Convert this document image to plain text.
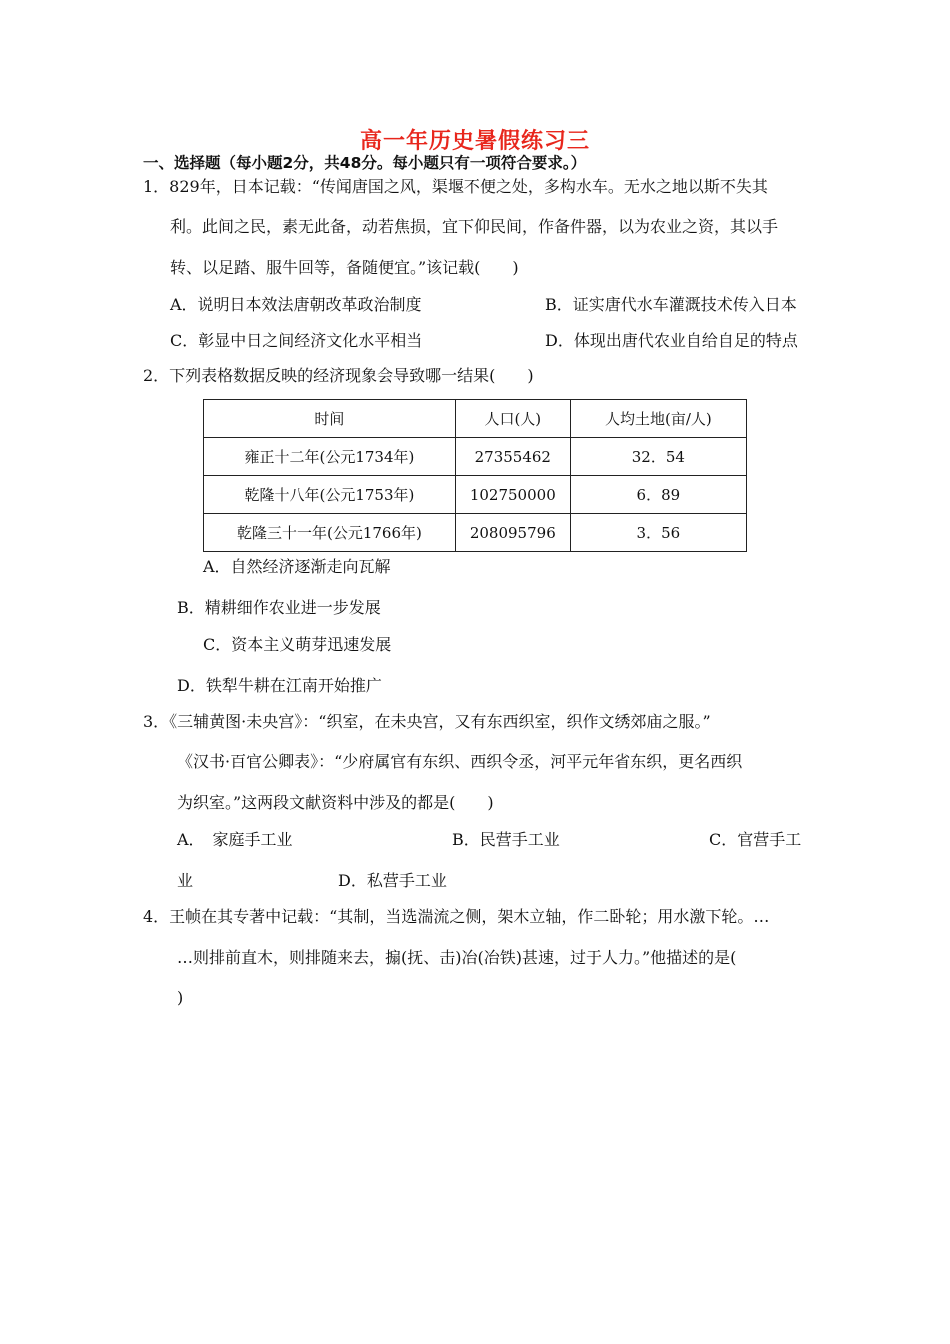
高一年历史暑假练习三
一、选择题（每小题2分，共48分。每小题只有一项符合要求。）
1．829年，日本记载：“传闻唐国之风，渠堰不便之处，多构水车。无水之地以斯不失其
利。此间之民，素无此备，动若焦损，宜下仰民间，作备件器，以为农业之资，其以手
转、以足踏、服牛回等，备随便宜。”该记载(　　)
A．说明日本效法唐朝改革政治制度	B．证实唐代水车灌溉技术传入日本
C．彰显中日之间经济文化水平相当	D．体现出唐代农业自给自足的特点
2．下列表格数据反映的经济现象会导致哪一结果(　　)
时间	人口(人)	人均土地(亩/人)
雍正十二年(公元1734年)	27355462	32．54
乾隆十八年(公元1753年)	102750000	6．89
乾隆三十一年(公元1766年)	208095796	3．56
A．自然经济逐渐走向瓦解
B．精耕细作农业进一步发展
C．资本主义萌芽迅速发展
D．铁犁牛耕在江南开始推广
3．《三辅黄图·未央宫》：“织室，在未央宫，又有东西织室，织作文绣郊庙之服。”
《汉书·百官公卿表》：“少府属官有东织、西织令丞，河平元年省东织，更名西织
为织室。”这两段文献资料中涉及的都是(　　)
A．　家庭手工业	B．民营手工业	C．官营手工
业	D．私营手工业
4．王帧在其专著中记载：“其制，当选湍流之侧，架木立轴，作二卧轮；用水激下轮。…
…则排前直木，则排随来去，搧(抚、击)冶(冶铁)甚速，过于人力。”他描述的是(
)
